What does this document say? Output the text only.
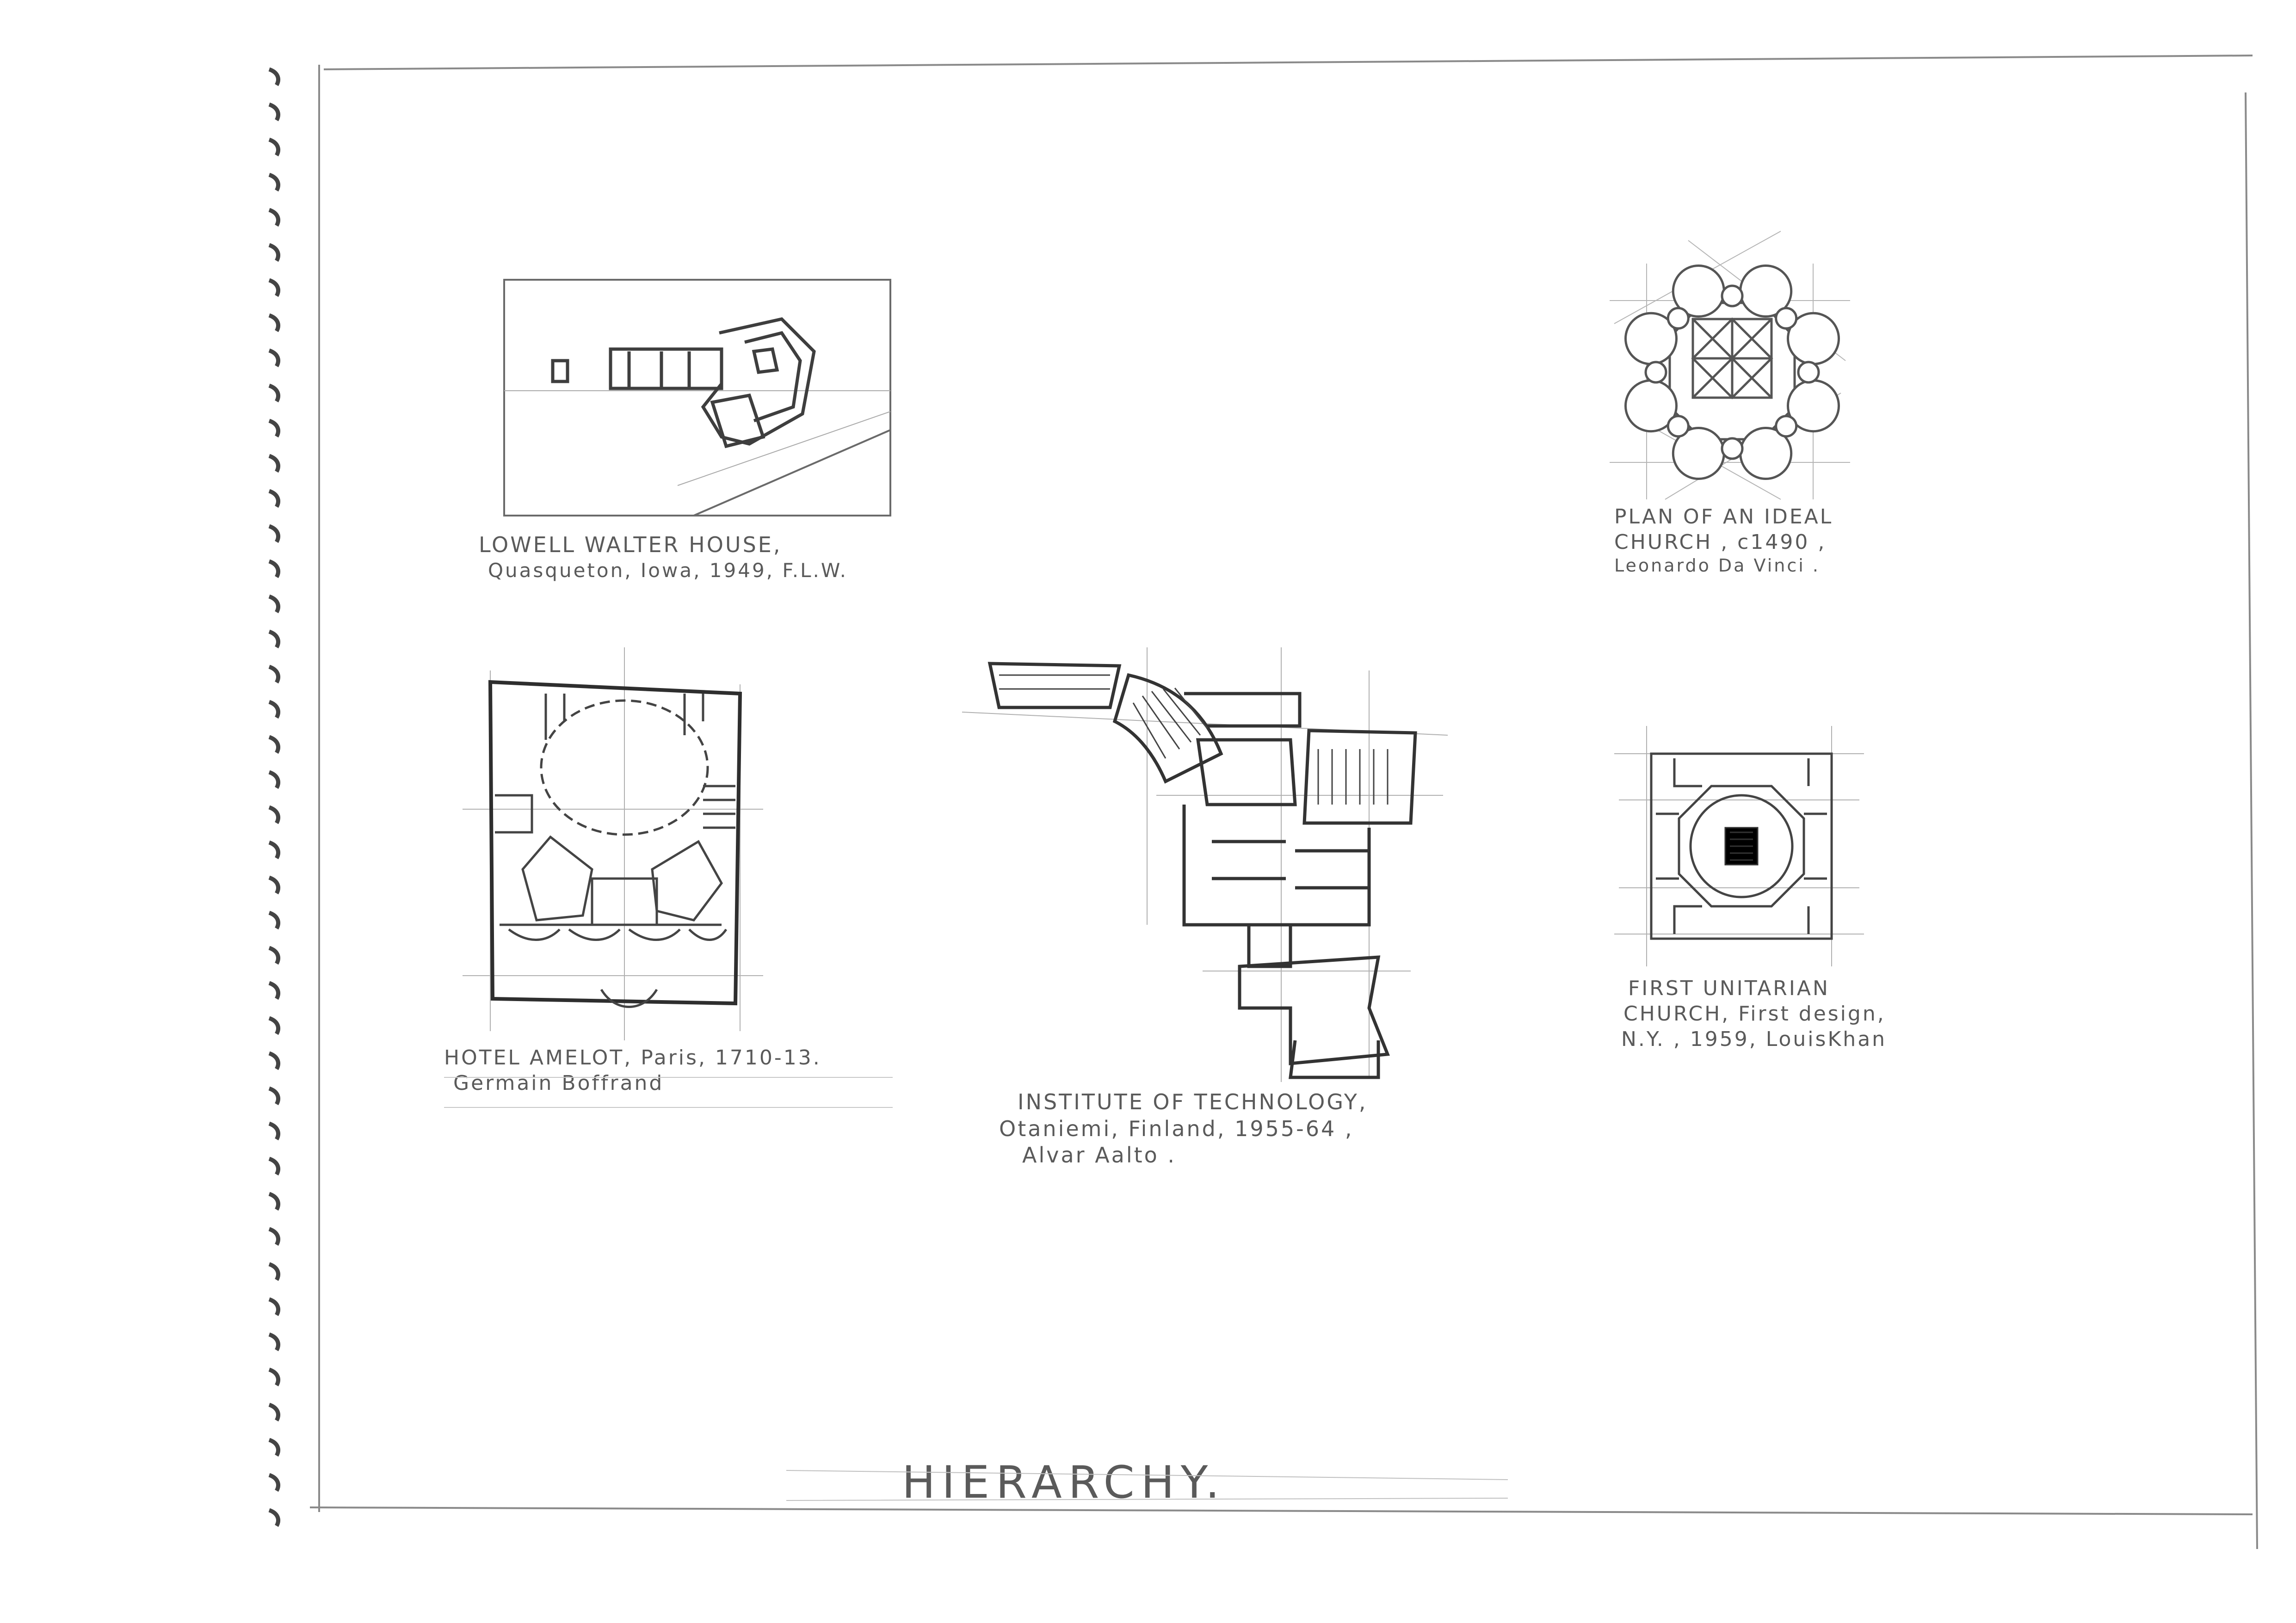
LOWELL WALTER HOUSE,
Quasqueton, Iowa, 1949, F.L.W.
PLAN OF AN IDEAL
CHURCH , c1490 ,
Leonardo Da Vinci .
HOTEL AMELOT, Paris, 1710-13.
Germain Boffrand
INSTITUTE OF TECHNOLOGY,
Otaniemi, Finland, 1955-64 ,
Alvar Aalto .
FIRST UNITARIAN
CHURCH, First design,
N.Y. , 1959, LouisKhan
HIERARCHY.
